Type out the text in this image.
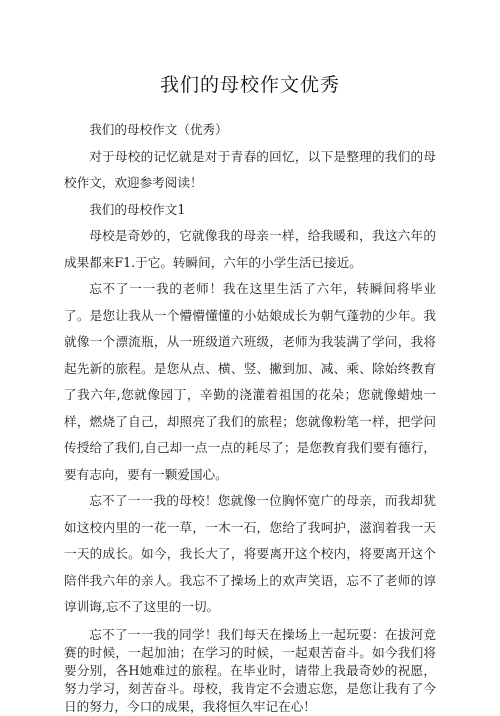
我们的母校作文优秀

我们的母校作文（优秀）

对于母校的记忆就是对于青春的回忆，以下是整理的我们的母校作文，欢迎参考阅读！

我们的母校作文1

母校是奇妙的，它就像我的母亲一样，给我暖和，我这六年的成果都来F1.于它。转瞬间，六年的小学生活已接近。

忘不了一一我的老师！我在这里生活了六年，转瞬间将毕业了。是您让我从一个懵懵懂懂的小姑娘成长为朝气蓬勃的少年。我就像一个漂流瓶，从一班级道六班级，老师为我装满了学问，我将起先新的旅程。是您从点、横、竖、撇到加、减、乘、除始终教育了我六年,您就像园丁，辛勤的浇灌着祖国的花朵；您就像蜡烛一样，燃烧了自己，却照亮了我们的旅程；您就像粉笔一样，把学问传授给了我们,自己却一点一点的耗尽了；是您教育我们要有德行，要有志向，要有一颗爱国心。

忘不了一一我的母校！您就像一位胸怀宽广的母亲，而我却犹如这校内里的一花一草，一木一石，您给了我呵护，滋润着我一天一天的成长。如今，我长大了，将要离开这个校内，将要离开这个陪伴我六年的亲人。我忘不了操场上的欢声笑语，忘不了老师的谆谆训诲,忘不了这里的一切。

忘不了一一我的同学！我们每天在操场上一起玩耍：在拔河竞赛的时候，一起加油；在学习的时候，一起艰苦奋斗。如今我们将要分别，各H她难过的旅程。在毕业时，请带上我最奇妙的祝愿，努力学习，刻苦奋斗。母校，我肯定不会遗忘您，是您让我有了今日的努力，今口的成果，我将恒久牢记在心！
